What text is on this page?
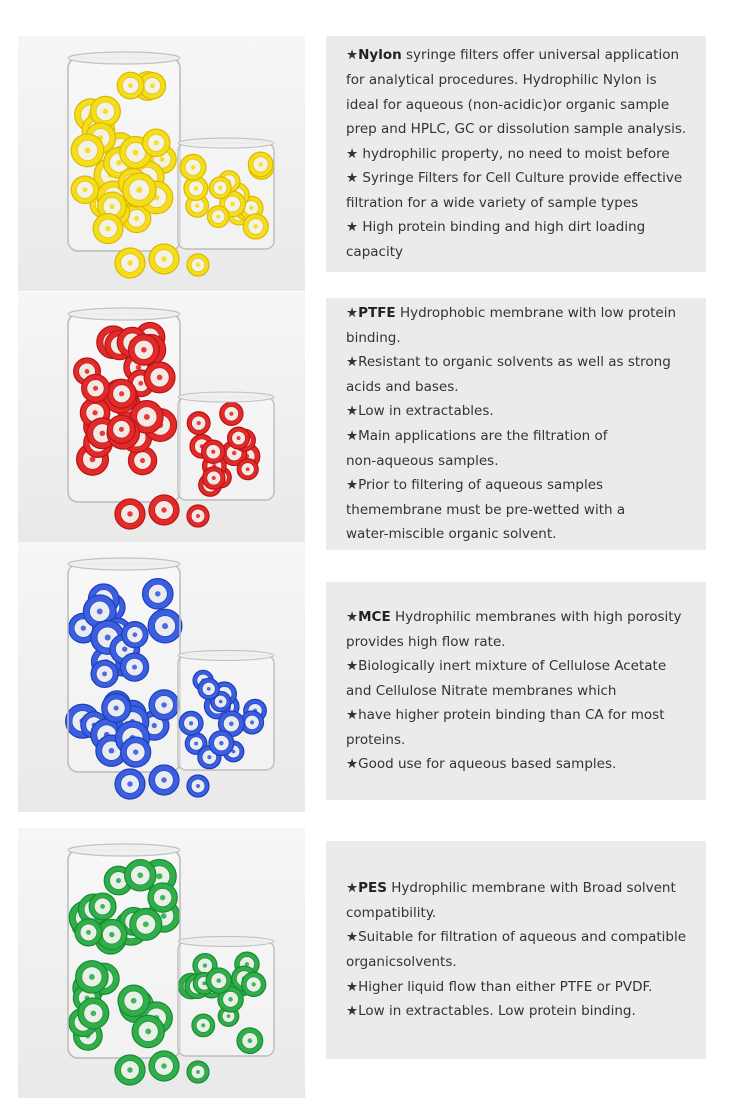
★Nylon syringe filters offer universal application

for analytical procedures. Hydrophilic Nylon is

ideal for aqueous (non-acidic)or organic sample

prep and HPLC, GC or dissolution sample analysis.

★ hydrophilic property, no need to moist before

★ Syringe Filters for Cell Culture provide effective

filtration for a wide variety of sample types

★ High protein binding and high dirt loading

capacity

★PTFE Hydrophobic membrane with low protein

binding.

★Resistant to organic solvents as well as strong

acids and bases.

★Low in extractables.

★Main applications are the filtration of

non-aqueous samples.

★Prior to filtering of aqueous samples

themembrane must be pre-wetted with a

water-miscible organic solvent.

★MCE Hydrophilic membranes with high porosity

provides high flow rate.

★Biologically inert mixture of Cellulose Acetate

and Cellulose Nitrate membranes which

★have higher protein binding than CA for most

proteins.

★Good use for aqueous based samples.

★PES Hydrophilic membrane with Broad solvent

compatibility.

★Suitable for filtration of aqueous and compatible

organicsolvents.

★Higher liquid flow than either PTFE or PVDF.

★Low in extractables. Low protein binding.
